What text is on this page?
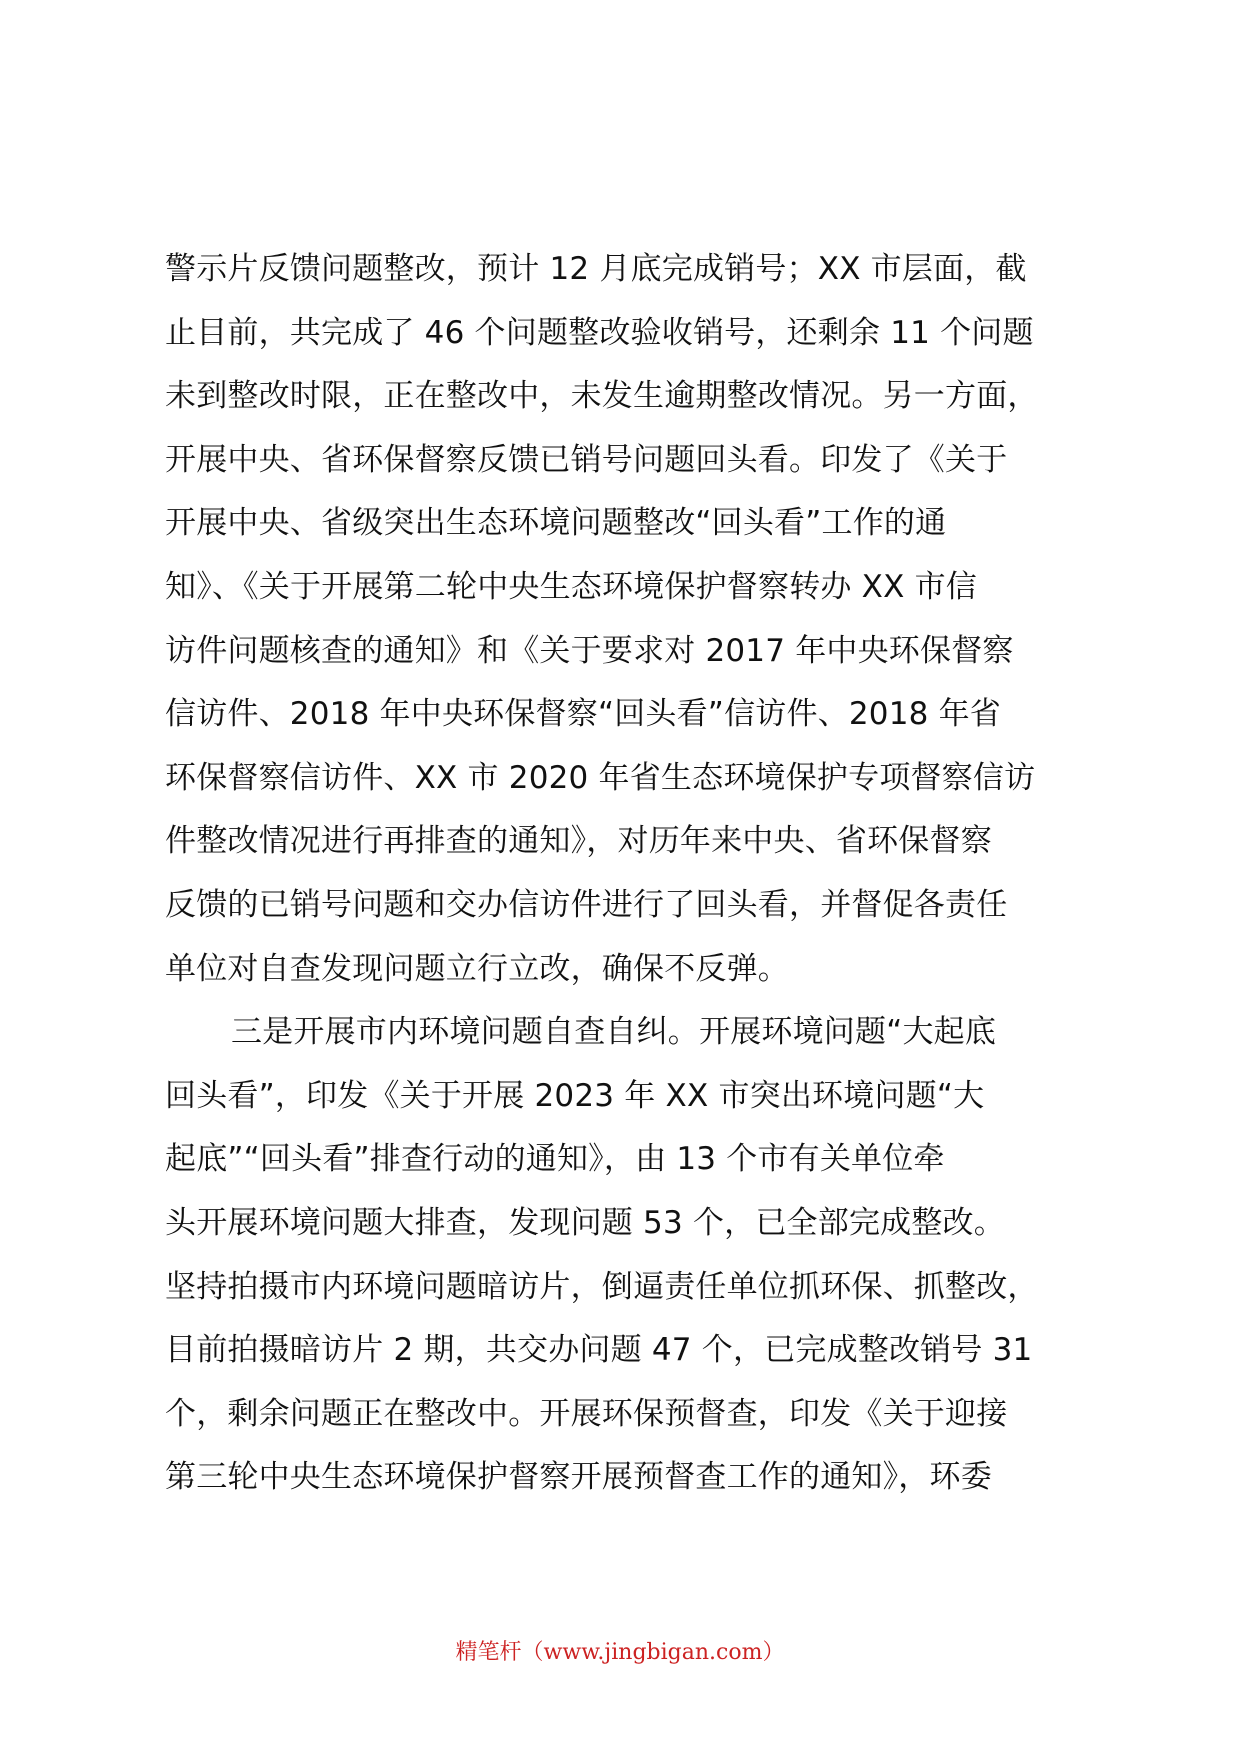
警示片反馈问题整改，预计 12 月底完成销号；XX 市层面，截
止目前，共完成了 46 个问题整改验收销号，还剩余 11 个问题
未到整改时限，正在整改中，未发生逾期整改情况。另一方面，
开展中央、省环保督察反馈已销号问题回头看。印发了《关于
开展中央、省级突出生态环境问题整改“回头看”工作的通
知》、《关于开展第二轮中央生态环境保护督察转办 XX 市信
访件问题核查的通知》和《关于要求对 2017 年中央环保督察
信访件、2018 年中央环保督察“回头看”信访件、2018 年省
环保督察信访件、XX 市 2020 年省生态环境保护专项督察信访
件整改情况进行再排查的通知》，对历年来中央、省环保督察
反馈的已销号问题和交办信访件进行了回头看，并督促各责任
单位对自查发现问题立行立改，确保不反弹。
三是开展市内环境问题自查自纠。开展环境问题“大起底
回头看”，印发《关于开展 2023 年 XX 市突出环境问题“大
起底”“回头看”排查行动的通知》，由 13 个市有关单位牵
头开展环境问题大排查，发现问题 53 个，已全部完成整改。
坚持拍摄市内环境问题暗访片，倒逼责任单位抓环保、抓整改，
目前拍摄暗访片 2 期，共交办问题 47 个，已完成整改销号 31
个，剩余问题正在整改中。开展环保预督查，印发《关于迎接
第三轮中央生态环境保护督察开展预督查工作的通知》，环委
精笔杆（www.jingbigan.com）
